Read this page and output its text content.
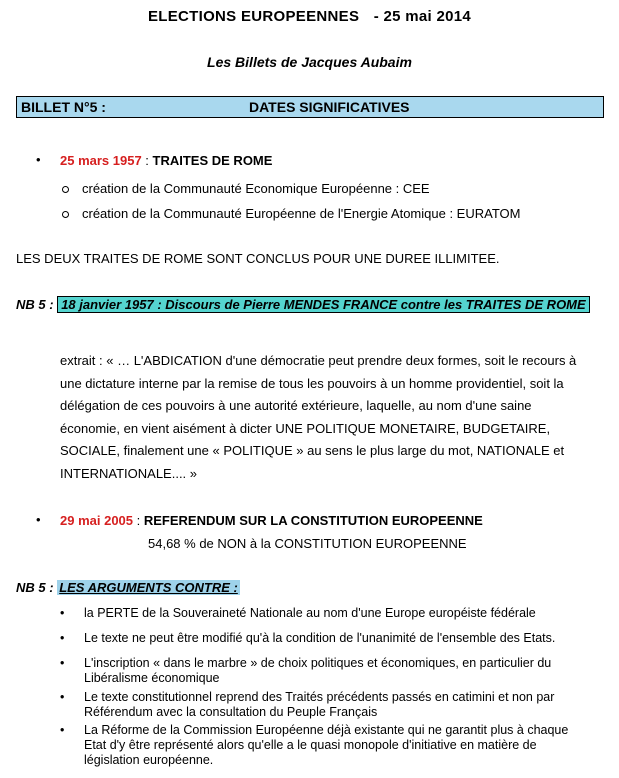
ELECTIONS EUROPEENNES - 25 mai 2014
Les Billets de Jacques Aubaim
BILLET N°5 :	DATES SIGNIFICATIVES
• 25 mars 1957 : TRAITES DE ROME
création de la Communauté Economique Européenne : CEE
création de la Communauté Européenne de l'Energie Atomique : EURATOM
LES DEUX TRAITES DE ROME SONT CONCLUS POUR UNE DUREE ILLIMITEE.
NB 5 : 18 janvier 1957 : Discours de Pierre MENDES FRANCE contre les TRAITES DE ROME
extrait : « … L'ABDICATION d'une démocratie peut prendre deux formes, soit le recours à
une dictature interne par la remise de tous les pouvoirs à un homme providentiel, soit la
délégation de ces pouvoirs à une autorité extérieure, laquelle, au nom d'une saine
économie, en vient aisément à dicter UNE POLITIQUE MONETAIRE, BUDGETAIRE,
SOCIALE, finalement une « POLITIQUE » au sens le plus large du mot, NATIONALE et
INTERNATIONALE.... »
• 29 mai 2005 : REFERENDUM SUR LA CONSTITUTION EUROPEENNE
54,68 % de NON à la CONSTITUTION EUROPEENNE
NB 5 : LES ARGUMENTS CONTRE :
• la PERTE de la Souveraineté Nationale au nom d'une Europe européiste fédérale
• Le texte ne peut être modifié qu'à la condition de l'unanimité de l'ensemble des Etats.
• L'inscription « dans le marbre » de choix politiques et économiques, en particulier du Libéralisme économique
• Le texte constitutionnel reprend des Traités précédents passés en catimini et non par Référendum avec la consultation du Peuple Français
• La Réforme de la Commission Européenne déjà existante qui ne garantit plus à chaque Etat d'y être représenté alors qu'elle a le quasi monopole d'initiative en matière de législation européenne.
